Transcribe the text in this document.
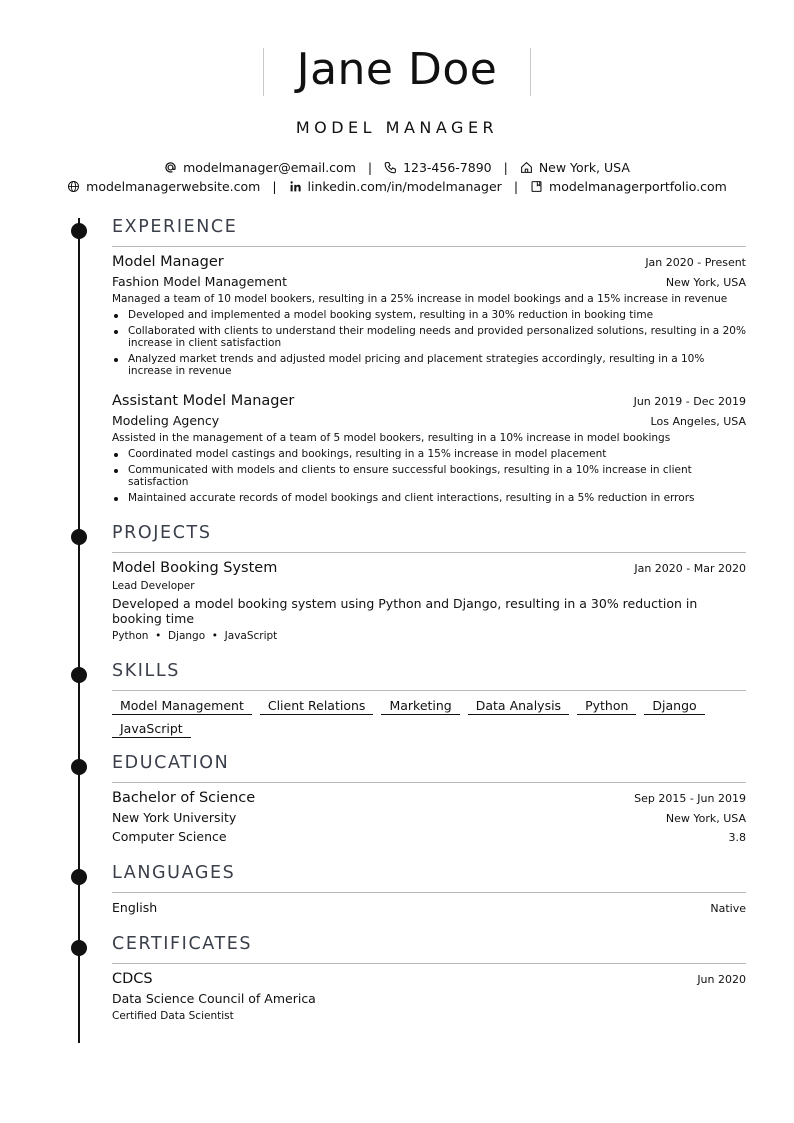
Jane Doe
MODEL MANAGER
modelmanager@email.com | 123-456-7890 | New York, USA
modelmanagerwebsite.com | linkedin.com/in/modelmanager | modelmanagerportfolio.com
EXPERIENCE
Model Manager	Jan 2020 - Present
Fashion Model Management	New York, USA
Managed a team of 10 model bookers, resulting in a 25% increase in model bookings and a 15% increase in revenue
Developed and implemented a model booking system, resulting in a 30% reduction in booking time
Collaborated with clients to understand their modeling needs and provided personalized solutions, resulting in a 20% increase in client satisfaction
Analyzed market trends and adjusted model pricing and placement strategies accordingly, resulting in a 10% increase in revenue
Assistant Model Manager	Jun 2019 - Dec 2019
Modeling Agency	Los Angeles, USA
Assisted in the management of a team of 5 model bookers, resulting in a 10% increase in model bookings
Coordinated model castings and bookings, resulting in a 15% increase in model placement
Communicated with models and clients to ensure successful bookings, resulting in a 10% increase in client satisfaction
Maintained accurate records of model bookings and client interactions, resulting in a 5% reduction in errors
PROJECTS
Model Booking System	Jan 2020 - Mar 2020
Lead Developer
Developed a model booking system using Python and Django, resulting in a 30% reduction in booking time
Python  •  Django  •  JavaScript
SKILLS
Model Management	Client Relations	Marketing	Data Analysis	Python	Django
JavaScript
EDUCATION
Bachelor of Science	Sep 2015 - Jun 2019
New York University	New York, USA
Computer Science	3.8
LANGUAGES
English	Native
CERTIFICATES
CDCS	Jun 2020
Data Science Council of America
Certified Data Scientist
